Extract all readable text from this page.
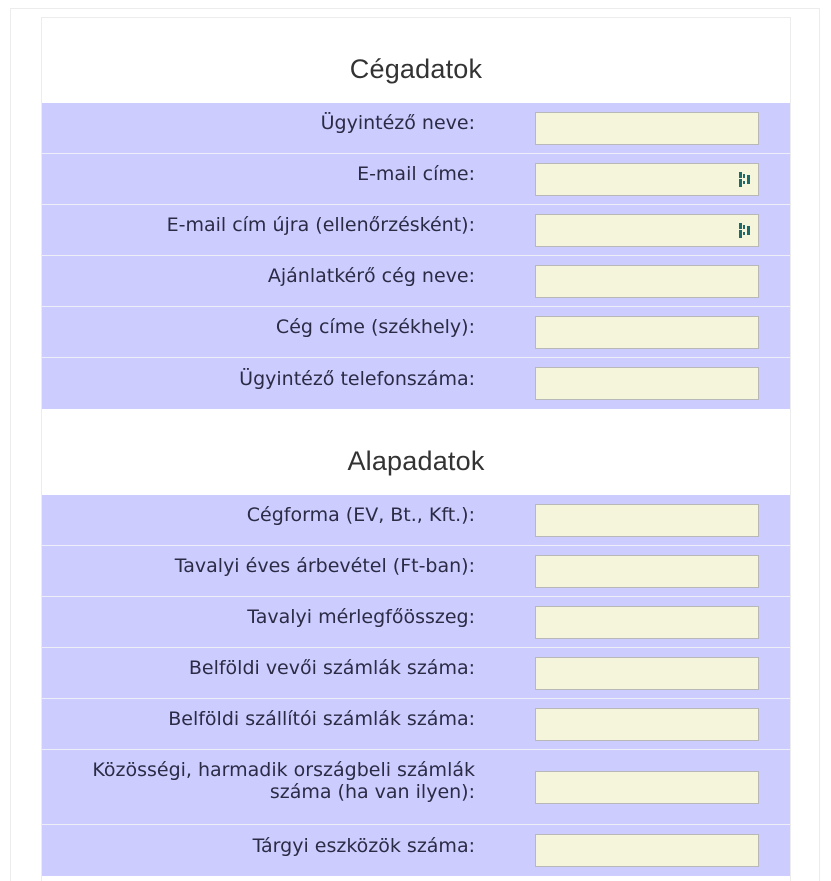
Cégadatok
Ügyintéző neve:
E-mail címe:
E-mail cím újra (ellenőrzésként):
Ajánlatkérő cég neve:
Cég címe (székhely):
Ügyintéző telefonszáma:
Alapadatok
Cégforma (EV, Bt., Kft.):
Tavalyi éves árbevétel (Ft-ban):
Tavalyi mérlegfőösszeg:
Belföldi vevői számlák száma:
Belföldi szállítói számlák száma:
Közösségi, harmadik országbeli számlák
száma (ha van ilyen):
Tárgyi eszközök száma:
